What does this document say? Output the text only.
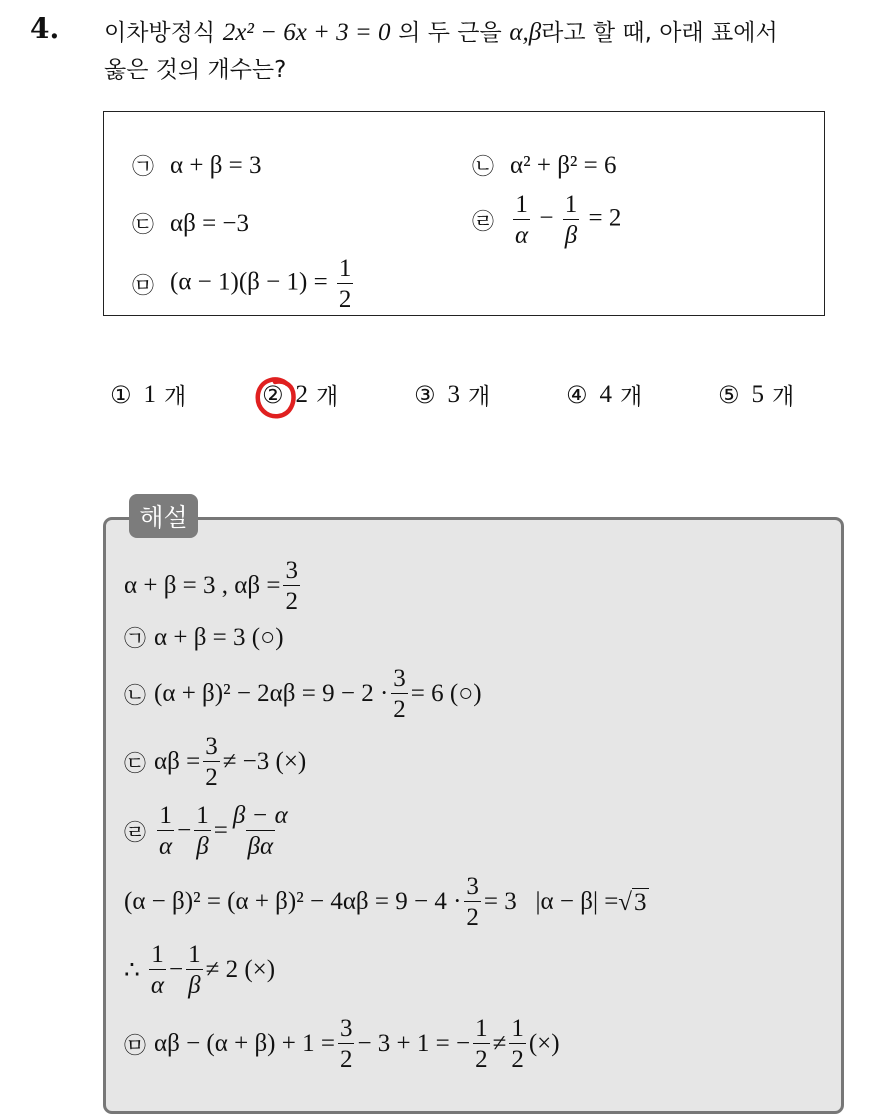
4. 이차방정식 2x² − 6x + 3 = 0 의 두 근을 α,β라고 할 때, 아래 표에서
옳은 것의 개수는?
㉠ α + β = 3	㉡ α² + β² = 6
㉢ αβ = −3	㉣ $\frac{1}{\alpha} - \frac{1}{\beta} = 2$
㉤ $(\alpha - 1)(\beta - 1) = \frac{1}{2}$
① 1
개	② 2
개	③ 3
개	④ 4
개	⑤ 5
개
해설
α + β = 3 , $\alpha\beta = \frac{3}{2}$
㉠ α + β = 3 (○)
㉡ $(\alpha + \beta)^2 - 2\alpha\beta = 9 - 2 \cdot \frac{3}{2} = 6$ (○)
㉢ $\alpha\beta = \frac{3}{2} \ne -3$ (×)
㉣ $\frac{1}{\alpha} - \frac{1}{\beta} = \frac{\beta - \alpha}{\beta\alpha}$
$(\alpha - \beta)^2 = (\alpha + \beta)^2 - 4\alpha\beta = 9 - 4 \cdot \frac{3}{2} = 3$   |α − β| = √ 3
∴ $\frac{1}{\alpha} - \frac{1}{\beta} \ne 2$ (×)
㉤ $\alpha\beta - (\alpha + \beta) + 1 = \frac{3}{2} - 3 + 1$ = − $\frac{1}{2} \ne \frac{1}{2}$ (×)
